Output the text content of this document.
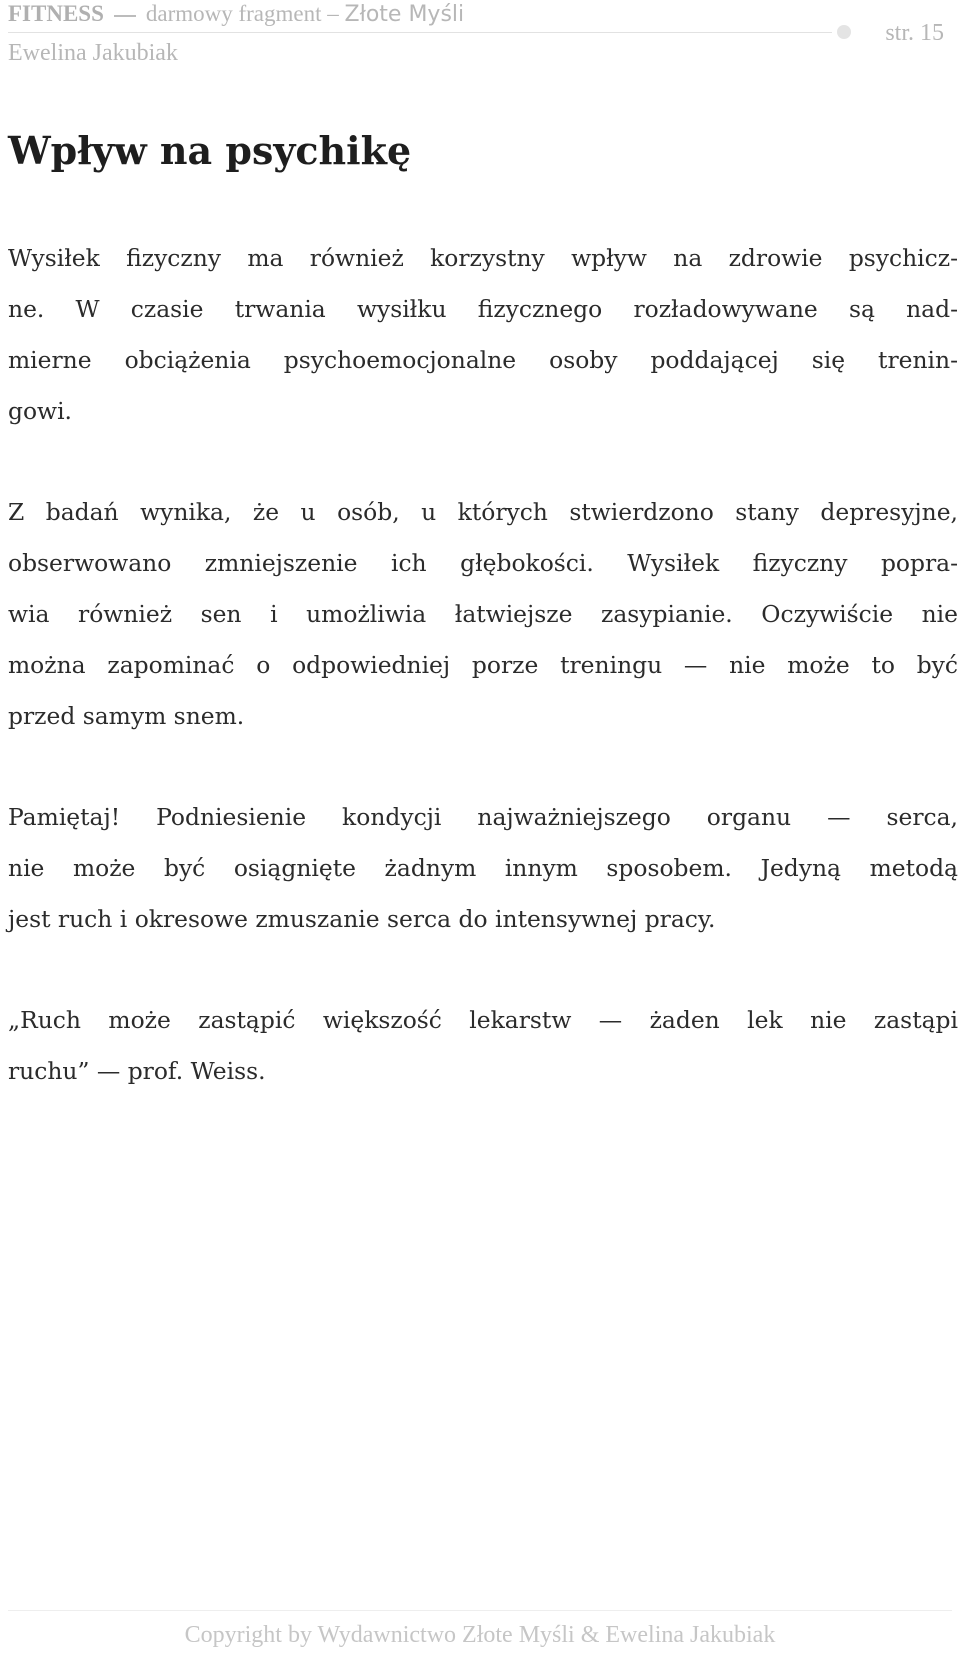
FITNESS darmowy fragment – Złote Myśli
Ewelina Jakubiak
str. 15
Wpływ na psychikę

Wysiłek fizyczny ma również korzystny wpływ na zdrowie psychicz-
ne. W czasie trwania wysiłku fizycznego rozładowywane są nad-
mierne obciążenia psychoemocjonalne osoby poddającej się trenin-
gowi.

Z badań wynika, że u osób, u których stwierdzono stany depresyjne,
obserwowano zmniejszenie ich głębokości. Wysiłek fizyczny popra-
wia również sen i umożliwia łatwiejsze zasypianie. Oczywiście nie
można zapominać o odpowiedniej porze treningu — nie może to być
przed samym snem.

Pamiętaj! Podniesienie kondycji najważniejszego organu — serca,
nie może być osiągnięte żadnym innym sposobem. Jedyną metodą
jest ruch i okresowe zmuszanie serca do intensywnej pracy.

„Ruch może zastąpić większość lekarstw — żaden lek nie zastąpi
ruchu” — prof. Weiss.

Copyright by Wydawnictwo Złote Myśli & Ewelina Jakubiak
